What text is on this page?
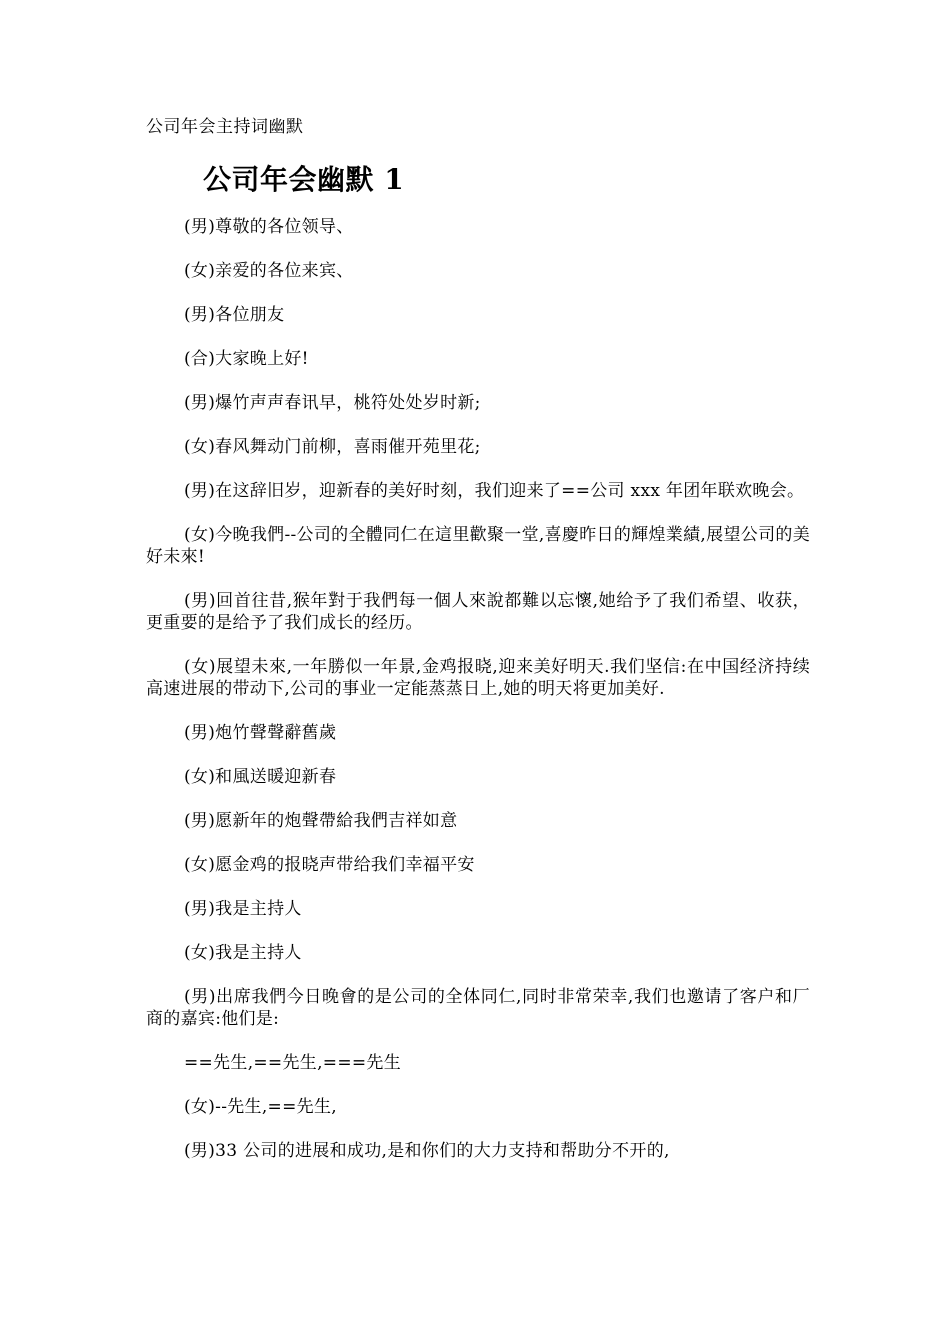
公司年会主持词幽默
公司年会幽默 1

(男)尊敬的各位领导、

(女)亲爱的各位来宾、

(男)各位朋友

(合)大家晚上好!

(男)爆竹声声春讯早，桃符处处岁时新;

(女)春风舞动门前柳，喜雨催开苑里花;

(男)在这辞旧岁，迎新春的美好时刻，我们迎来了==公司 xxx 年团年联欢晚会。

(女)今晚我們--公司的全體同仁在這里歡聚一堂,喜慶昨日的輝煌業績,展望公司的美好未來!

(男)回首往昔,猴年對于我們每一個人來說都難以忘懷,她给予了我们希望、收获，更重要的是给予了我们成长的经历。

(女)展望未來,一年勝似一年景,金鸡报晓,迎来美好明天.我们坚信:在中国经济持续高速进展的带动下,公司的事业一定能蒸蒸日上,她的明天将更加美好.

(男)炮竹聲聲辭舊歲

(女)和風送暖迎新春

(男)愿新年的炮聲帶給我們吉祥如意

(女)愿金鸡的报晓声带给我们幸福平安

(男)我是主持人

(女)我是主持人

(男)出席我們今日晚會的是公司的全体同仁,同时非常荣幸,我们也邀请了客户和厂商的嘉宾:他们是:

==先生,==先生,===先生

(女)--先生,==先生,

(男)33 公司的进展和成功,是和你们的大力支持和帮助分不开的,
